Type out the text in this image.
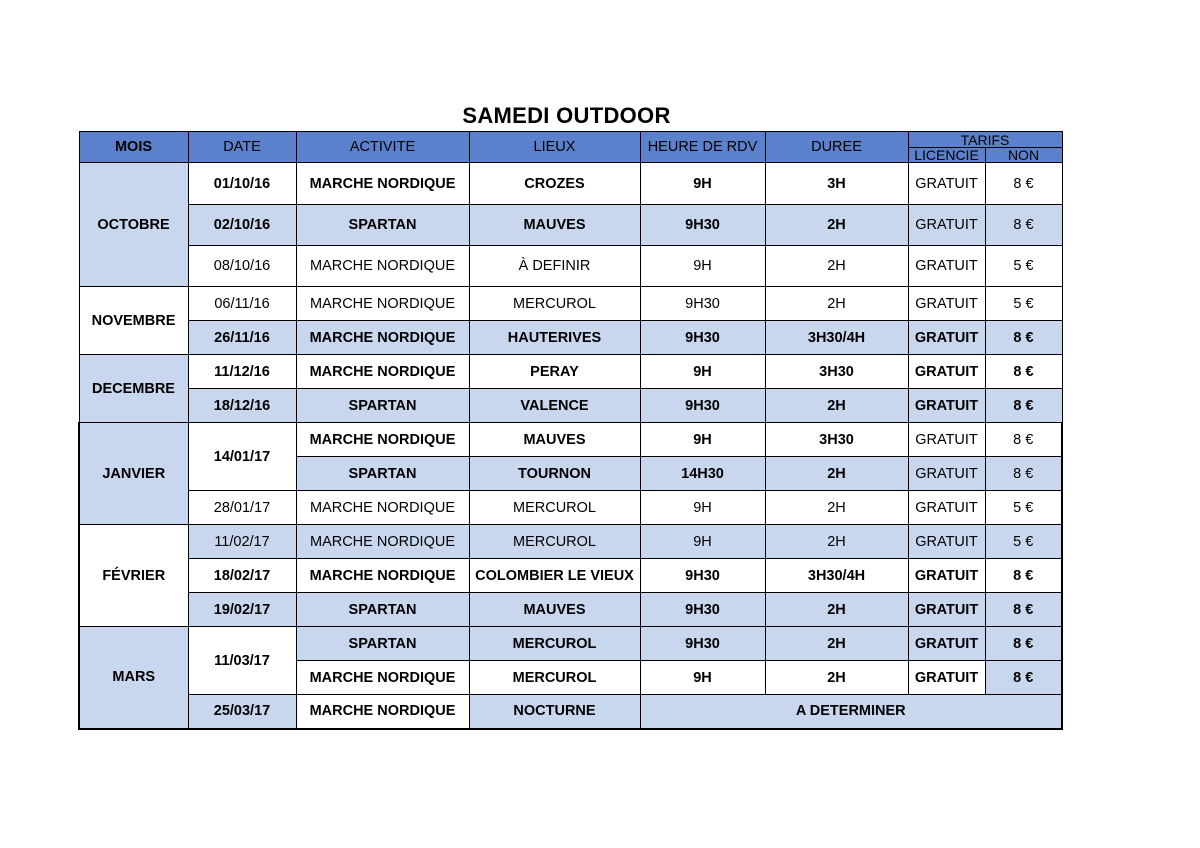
SAMEDI OUTDOOR
MOIS	DATE	ACTIVITE	LIEUX	HEURE DE RDV	DUREE	TARIFS	
						LICENCIE	NON
OCTOBRE	01/10/16	MARCHE NORDIQUE	CROZES	9H	3H	GRATUIT	8 €
	02/10/16	SPARTAN	MAUVES	9H30	2H	GRATUIT	8 €
	08/10/16	MARCHE NORDIQUE	À DEFINIR	9H	2H	GRATUIT	5 €
NOVEMBRE	06/11/16	MARCHE NORDIQUE	MERCUROL	9H30	2H	GRATUIT	5 €
	26/11/16	MARCHE NORDIQUE	HAUTERIVES	9H30	3H30/4H	GRATUIT	8 €
DECEMBRE	11/12/16	MARCHE NORDIQUE	PERAY	9H	3H30	GRATUIT	8 €
	18/12/16	SPARTAN	VALENCE	9H30	2H	GRATUIT	8 €
JANVIER	14/01/17	MARCHE NORDIQUE	MAUVES	9H	3H30	GRATUIT	8 €
		SPARTAN	TOURNON	14H30	2H	GRATUIT	8 €
	28/01/17	MARCHE NORDIQUE	MERCUROL	9H	2H	GRATUIT	5 €
FÉVRIER	11/02/17	MARCHE NORDIQUE	MERCUROL	9H	2H	GRATUIT	5 €
	18/02/17	MARCHE NORDIQUE	COLOMBIER LE VIEUX	9H30	3H30/4H	GRATUIT	8 €
	19/02/17	SPARTAN	MAUVES	9H30	2H	GRATUIT	8 €
MARS	11/03/17	SPARTAN	MERCUROL	9H30	2H	GRATUIT	8 €
		MARCHE NORDIQUE	MERCUROL	9H	2H	GRATUIT	8 €
	25/03/17	MARCHE NORDIQUE	NOCTURNE	A DETERMINER			
